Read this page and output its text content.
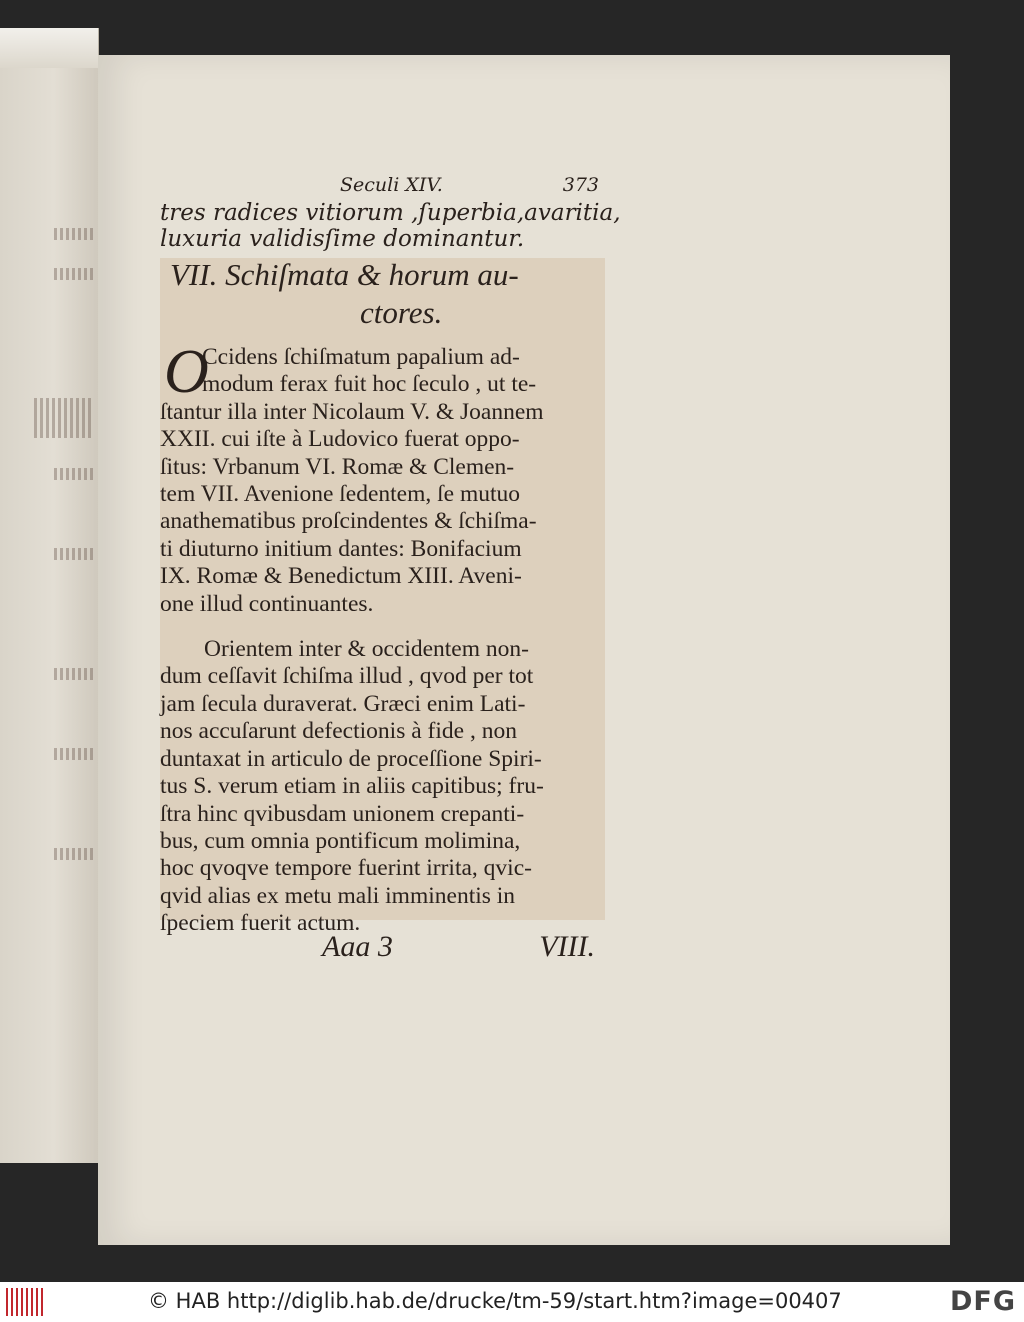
Seculi XIV.	373
tres radices vitiorum ,ſuperbia,avaritia,
luxuria validisſime dominantur.
VII. Schiſmata & horum au-
ctores.
O
Ccidens ſchiſmatum papalium ad-
modum ferax fuit hoc ſeculo , ut te-
ſtantur illa inter Nicolaum V. & Joannem
XXII. cui iſte à Ludovico fuerat oppo-
ſitus: Vrbanum VI. Romæ & Clemen-
tem VII. Avenione ſedentem, ſe mutuo
anathematibus proſcindentes & ſchiſma-
ti diuturno initium dantes: Bonifacium
IX. Romæ & Benedictum XIII. Aveni-
one illud continuantes.
Orientem inter & occidentem non-
dum ceſſavit ſchiſma illud , qvod per tot
jam ſecula duraverat. Græci enim Lati-
nos accuſarunt defectionis à fide , non
duntaxat in articulo de proceſſione Spiri-
tus S. verum etiam in aliis capitibus; fru-
ſtra hinc qvibusdam unionem crepanti-
bus, cum omnia pontificum molimina,
hoc qvoqve tempore fuerint irrita, qvic-
qvid alias ex metu mali imminentis in
ſpeciem fuerit actum.
Aaa 3	VIII.
© HAB http://diglib.hab.de/drucke/tm-59/start.htm?image=00407	DFG
